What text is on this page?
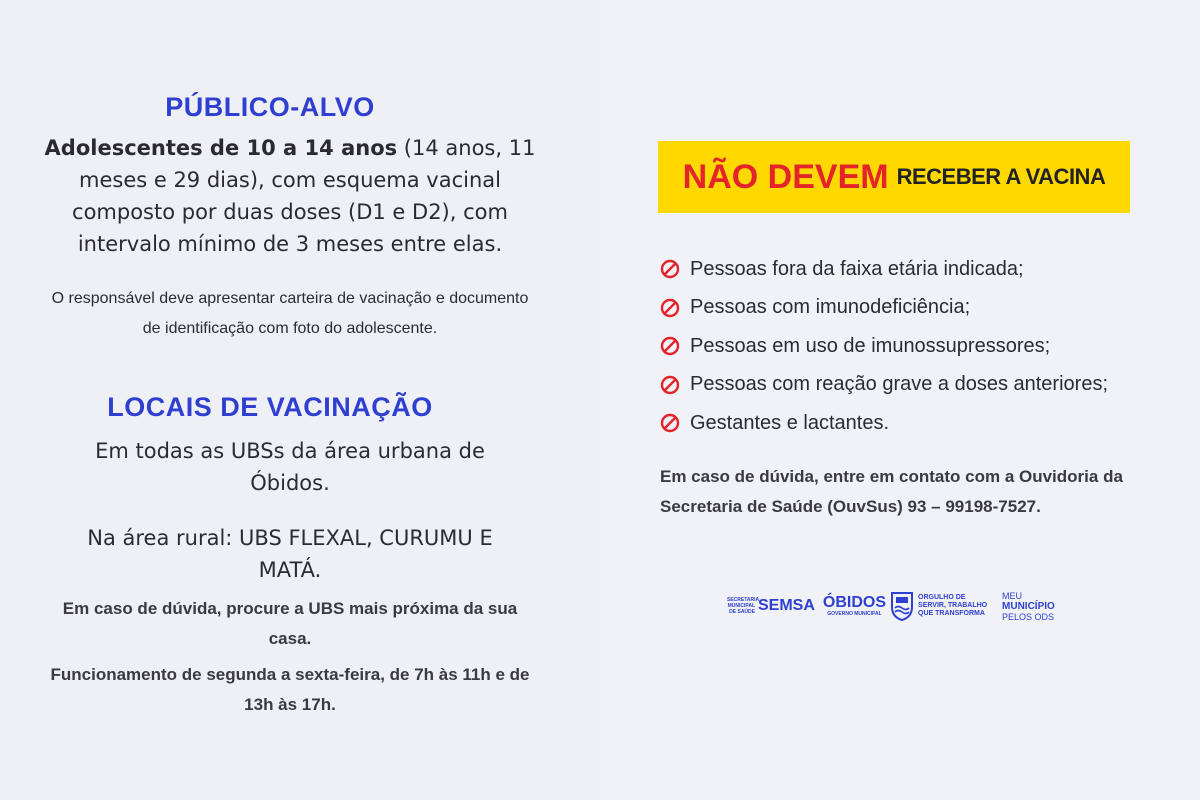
PÚBLICO-ALVO
Adolescentes de 10 a 14 anos (14 anos, 11 meses e 29 dias), com esquema vacinal composto por duas doses (D1 e D2), com intervalo mínimo de 3 meses entre elas.
O responsável deve apresentar carteira de vacinação e documento de identificação com foto do adolescente.
LOCAIS DE VACINAÇÃO
Em todas as UBSs da área urbana de Óbidos.
Na área rural: UBS FLEXAL, CURUMU E MATÁ.
Em caso de dúvida, procure a UBS mais próxima da sua casa.
Funcionamento de segunda a sexta-feira, de 7h às 11h e de 13h às 17h.
NÃO DEVEM RECEBER A VACINA
Pessoas fora da faixa etária indicada;
Pessoas com imunodeficiência;
Pessoas em uso de imunossupressores;
Pessoas com reação grave a doses anteriores;
Gestantes e lactantes.
Em caso de dúvida, entre em contato com a Ouvidoria da Secretaria de Saúde (OuvSus) 93 – 99198-7527.
SECRETARIA MUNICIPAL DE SAÚDE SEMSA ÓBIDOS
GOVERNO MUNICIPAL
ORGULHO DE SERVIR, TRABALHO QUE TRANSFORMA
MEU
MUNICÍPIO
PELOS ODS
